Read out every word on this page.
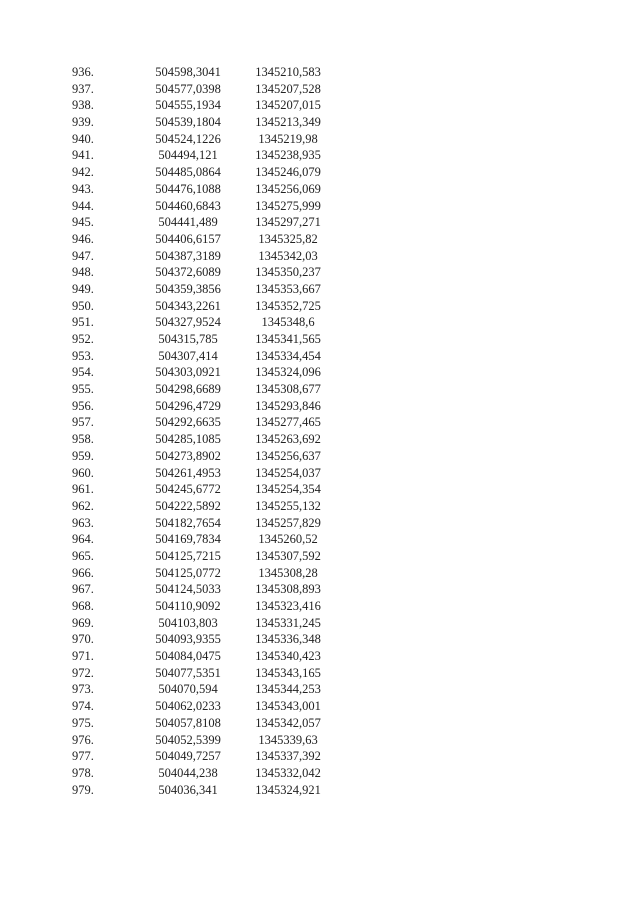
936.	504598,3041	1345210,583
937.	504577,0398	1345207,528
938.	504555,1934	1345207,015
939.	504539,1804	1345213,349
940.	504524,1226	1345219,98
941.	504494,121	1345238,935
942.	504485,0864	1345246,079
943.	504476,1088	1345256,069
944.	504460,6843	1345275,999
945.	504441,489	1345297,271
946.	504406,6157	1345325,82
947.	504387,3189	1345342,03
948.	504372,6089	1345350,237
949.	504359,3856	1345353,667
950.	504343,2261	1345352,725
951.	504327,9524	1345348,6
952.	504315,785	1345341,565
953.	504307,414	1345334,454
954.	504303,0921	1345324,096
955.	504298,6689	1345308,677
956.	504296,4729	1345293,846
957.	504292,6635	1345277,465
958.	504285,1085	1345263,692
959.	504273,8902	1345256,637
960.	504261,4953	1345254,037
961.	504245,6772	1345254,354
962.	504222,5892	1345255,132
963.	504182,7654	1345257,829
964.	504169,7834	1345260,52
965.	504125,7215	1345307,592
966.	504125,0772	1345308,28
967.	504124,5033	1345308,893
968.	504110,9092	1345323,416
969.	504103,803	1345331,245
970.	504093,9355	1345336,348
971.	504084,0475	1345340,423
972.	504077,5351	1345343,165
973.	504070,594	1345344,253
974.	504062,0233	1345343,001
975.	504057,8108	1345342,057
976.	504052,5399	1345339,63
977.	504049,7257	1345337,392
978.	504044,238	1345332,042
979.	504036,341	1345324,921
